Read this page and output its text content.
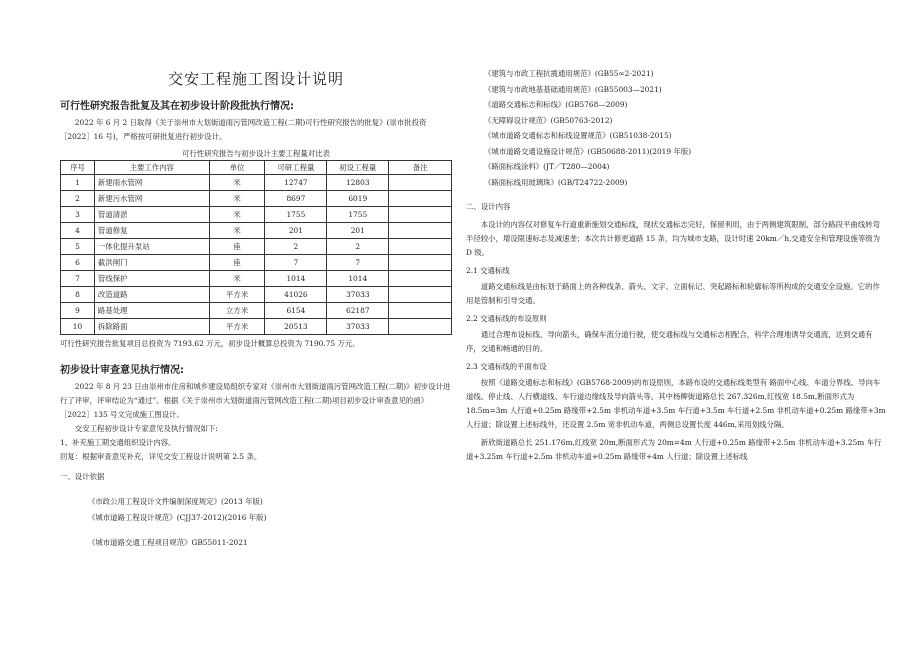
交安工程施工图设计说明
可行性研究报告批复及其在初步设计阶段批执行情况:

2022 年 6 月 2 日取得《关于崇州市大划街道雨污管网改造工程(二期)可行性研究报告的批复》(崇市批投资［2022］16 号)，严格按可研批复进行初步设计。

可行性研究报告与初步设计主要工程量对比表
序号	主要工作内容	单位	可研工程量	初设工程量	备注
1	新建雨水管网	米	12747	12803	
2	新建污水管网	米	8697	6019	
3	管道清淤	米	1755	1755	
4	管道修复	米	201	201	
5	一体化提升泵站	座	2	2	
6	截洪闸门	座	7	7	
7	管线保护	米	1014	1014	
8	改造道路	平方米	41026	37033	
9	路基处理	立方米	6154	62187	
10	拆除路面	平方米	20513	37033	

可行性研究报告批复项目总投资为 7193.62 万元，初步设计概算总投资为 7190.75 万元。

初步设计审查意见执行情况:

2022 年 8 月 23 日由崇州市住房和城乡建设局组织专家对《崇州市大划街道雨污管网改造工程(二期)》初步设计进行了评审，评审结论为“通过”。根据《关于崇州市大划街道雨污管网改造工程(二期)项目初步设计审查意见的函》［2022］135 号文完成施工图设计。

交安工程初步设计专家意见及执行情况如下:

1、补充施工期交通组织设计内容。

回复：根据审查意见补充，详见交安工程设计说明第 2.5 条。

一、设计依据

《市政公用工程设计文件编制深度规定》(2013 年版)

《城市道路工程设计规范》(CJJ37-2012)(2016 年版)

《城市道路交通工程项目规范》GB55011-2021

《建筑与市政工程抗震通用规范》(GB55∞2-2021)

《建筑与市政地基基础通用规范》(GB55003—2021)

《道路交通标志和标线》(GB5768—2009)

《无障碍设计规范》(GB50763-2012)

《城市道路交通标志和标线设置规范》(GB51038-2015)

《城市道路交通设施设计规范》(GB50688-2011)(2019 年版)

《路面标线涂料》(JT／T280—2004)

《路面标线用玻璃珠》(GB/T24722-2009)

二、设计内容

本设计的内容仅对修复车行道重新施划交通标线，现状交通标志完好，保留利用，由于两侧建筑限制，部分路段平曲线转弯半径较小，增设限速标志及减速垄；本次共计修更道路 15 条，均为城市支路，设计时速 20km／h,交通安全和管理设施等级为 D 级。

2.1 交通标线

道路交通标线是由标划于路面上的各种线条、箭头、文字、立面标记、突起路标和轮廓标等所构成的交通安全设施。它的作用是管制和引导交通。

2.2 交通标线的布设原则

通过合理布设标线、导向箭头，确保车流分道行驶，使交通标线与交通标志相配合，科学合理地诱导交通流，达到交通有序，交通和畅通的目的。

2.3 交通标线的平面布设

按照《道路交通标志和标线》(GB5768-2009)的布设原则，本路布设的交通标线类型有 路面中心线、车道分界线、导向车道线、停止线、人行横道线、车行道边缘线及导向箭头等。其中杨柳街道路总长 267.326m,红线宽 18.5m,断面形式为 18.5m=3m 人行道+0.25m 路缘带+2.5m 非机动车道+3.5m 车行道+3.5m 车行道+2.5m 非机动车道+0.25m 路缘带+3m 人行道；除设置上述标线外，还设置 2.5m 宽非机动车道，两侧总设置长度 446m,采用划线分隔。

新欣街道路总长 251.176m,红线宽 20m,断面形式为 20m=4m 人行道+0.25m 路缘带+2.5m 非机动车道+3.25m 车行道+3.25m 车行道+2.5m 非机动车道+0.25m 路缘带+4m 人行道；除设置上述标线
